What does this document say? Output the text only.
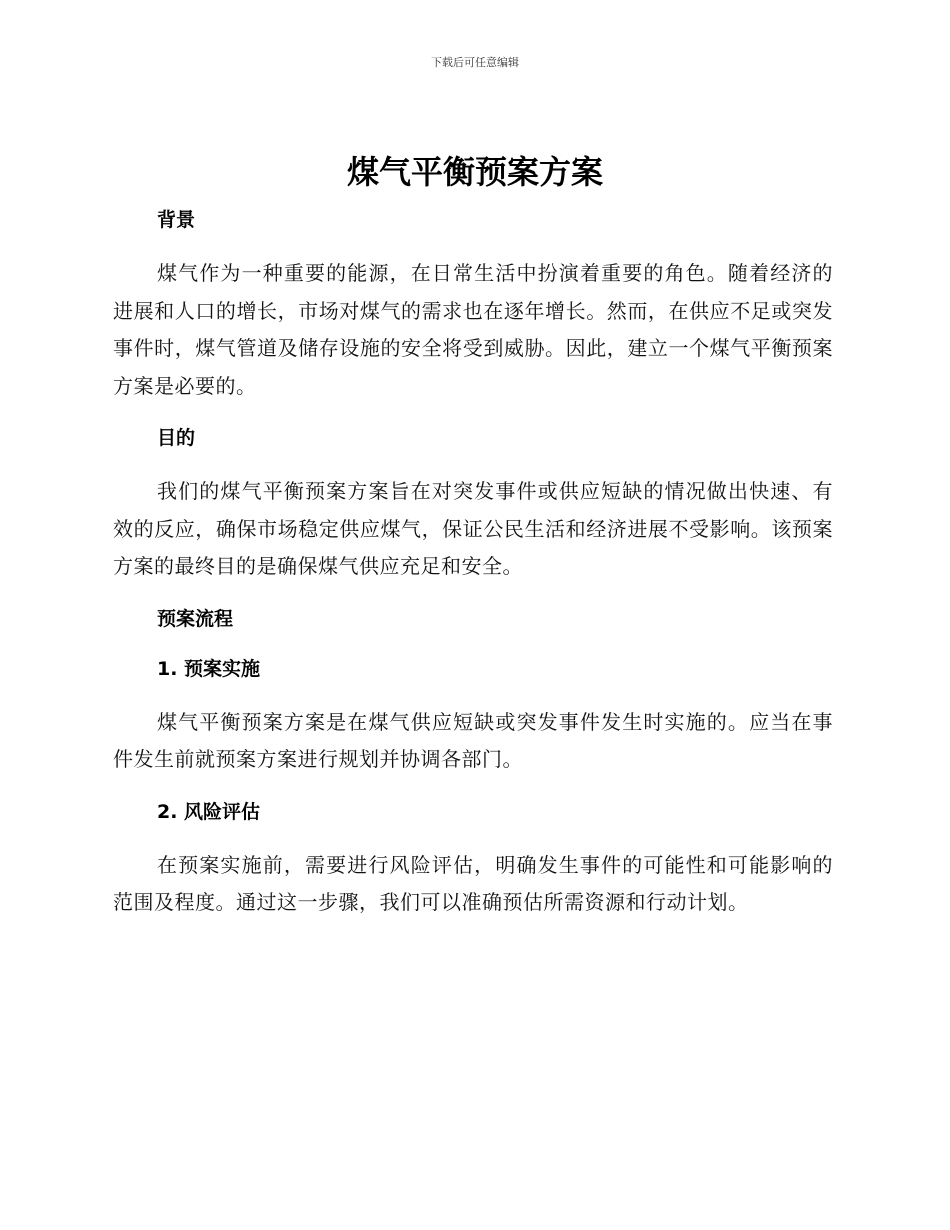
下载后可任意编辑
煤气平衡预案方案
背景

煤气作为一种重要的能源，在日常生活中扮演着重要的角色。随着经济的进展和人口的增长，市场对煤气的需求也在逐年增长。然而，在供应不足或突发事件时，煤气管道及储存设施的安全将受到威胁。因此，建立一个煤气平衡预案方案是必要的。

目的

我们的煤气平衡预案方案旨在对突发事件或供应短缺的情况做出快速、有效的反应，确保市场稳定供应煤气，保证公民生活和经济进展不受影响。该预案方案的最终目的是确保煤气供应充足和安全。

预案流程
1. 预案实施

煤气平衡预案方案是在煤气供应短缺或突发事件发生时实施的。应当在事件发生前就预案方案进行规划并协调各部门。

2. 风险评估

在预案实施前，需要进行风险评估，明确发生事件的可能性和可能影响的范围及程度。通过这一步骤，我们可以准确预估所需资源和行动计划。
